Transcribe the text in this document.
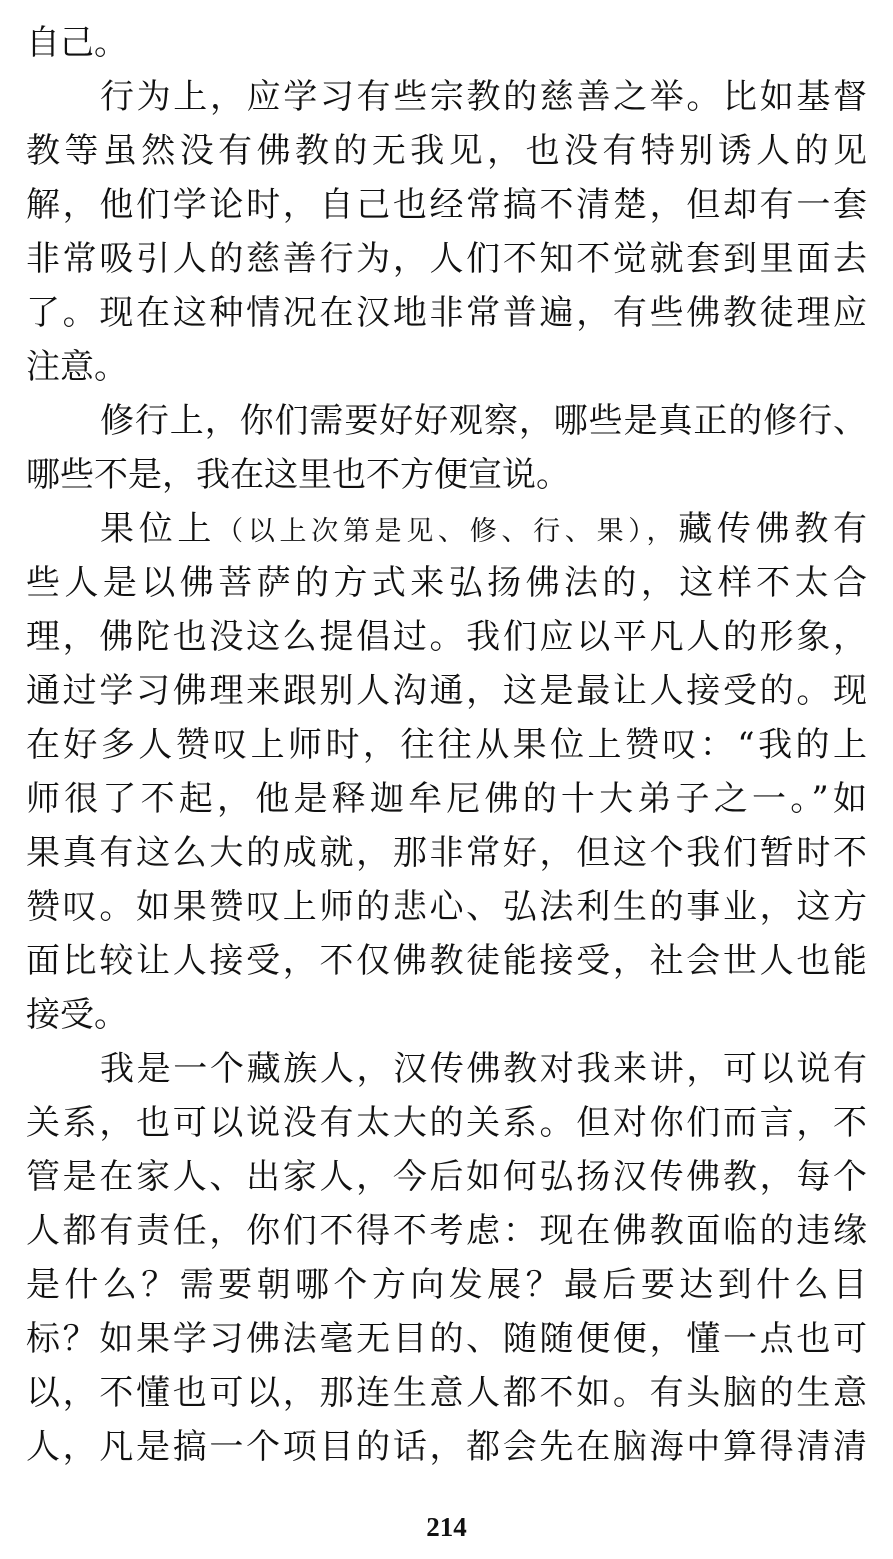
自己。
行为上，应学习有些宗教的慈善之举。比如基督
教等虽然没有佛教的无我见，也没有特别诱人的见
解，他们学论时，自己也经常搞不清楚，但却有一套
非常吸引人的慈善行为，人们不知不觉就套到里面去
了。现在这种情况在汉地非常普遍，有些佛教徒理应
注意。
修行上，你们需要好好观察，哪些是真正的修行、
哪些不是，我在这里也不方便宣说。
果位上（以上次第是见、修、行、果），藏传佛教有
些人是以佛菩萨的方式来弘扬佛法的，这样不太合
理，佛陀也没这么提倡过。我们应以平凡人的形象，
通过学习佛理来跟别人沟通，这是最让人接受的。现
在好多人赞叹上师时，往往从果位上赞叹：“我的上
师很了不起，他是释迦牟尼佛的十大弟子之一。”如
果真有这么大的成就，那非常好，但这个我们暂时不
赞叹。如果赞叹上师的悲心、弘法利生的事业，这方
面比较让人接受，不仅佛教徒能接受，社会世人也能
接受。
我是一个藏族人，汉传佛教对我来讲，可以说有
关系，也可以说没有太大的关系。但对你们而言，不
管是在家人、出家人，今后如何弘扬汉传佛教，每个
人都有责任，你们不得不考虑：现在佛教面临的违缘
是什么？需要朝哪个方向发展？最后要达到什么目
标？如果学习佛法毫无目的、随随便便，懂一点也可
以，不懂也可以，那连生意人都不如。有头脑的生意
人，凡是搞一个项目的话，都会先在脑海中算得清清
214
